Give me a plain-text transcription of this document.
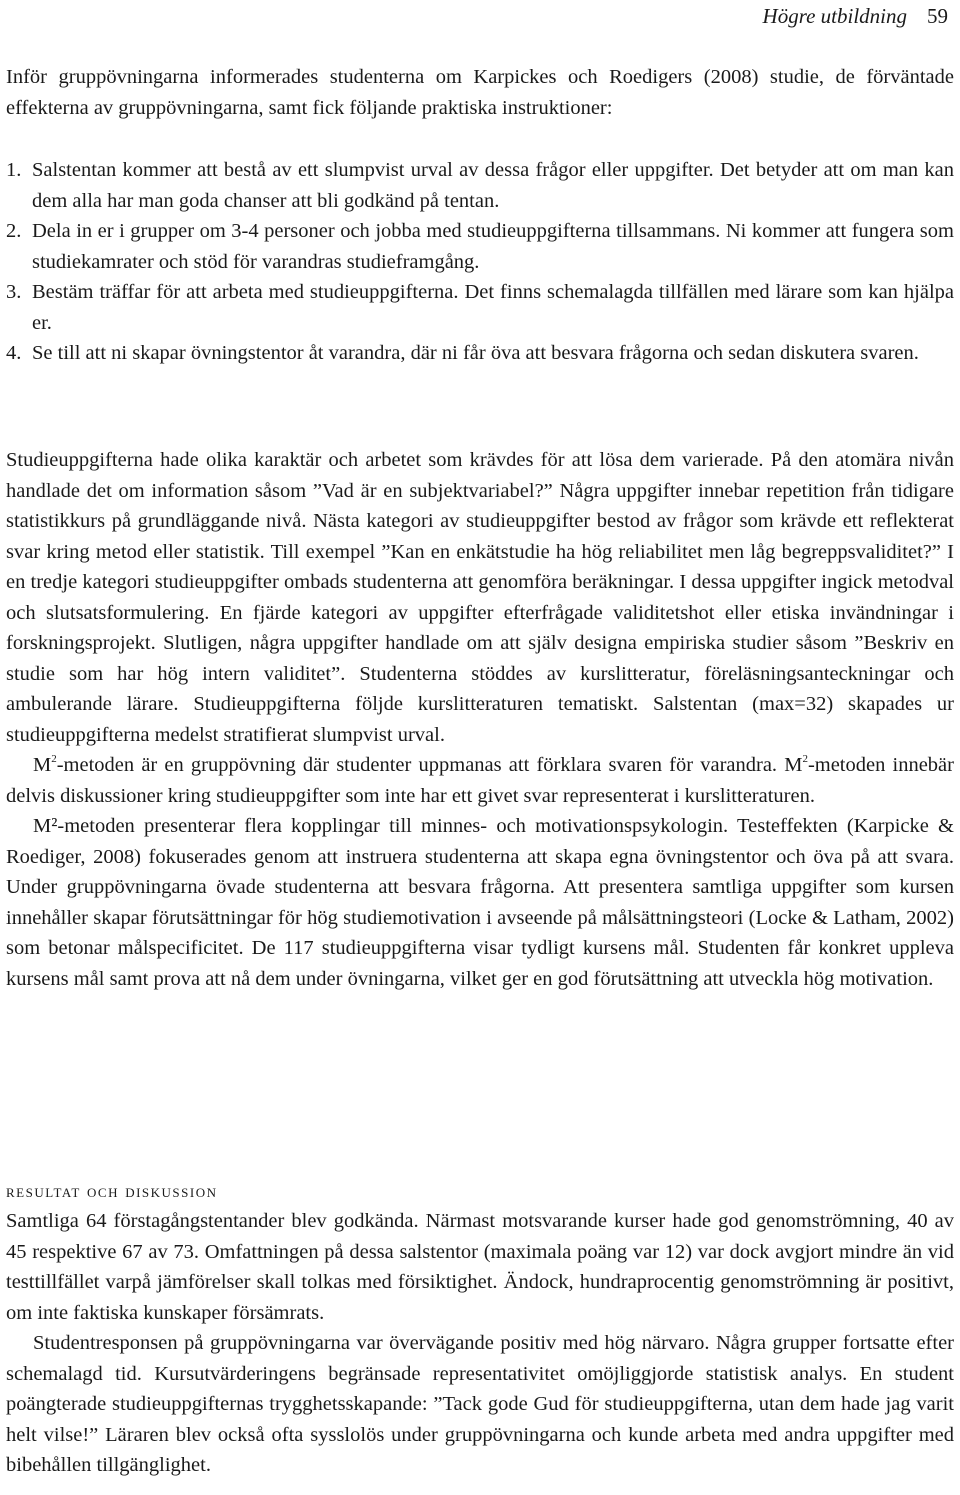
Högre utbildning 59

Inför gruppövningarna informerades studenterna om Karpickes och Roedigers (2008) studie, de förväntade effekterna av gruppövningarna, samt fick följande praktiska instruktioner:

1. Salstentan kommer att bestå av ett slumpvist urval av dessa frågor eller uppgifter. Det betyder att om man kan dem alla har man goda chanser att bli godkänd på tentan.
2. Dela in er i grupper om 3-4 personer och jobba med studieuppgifterna tillsammans. Ni kommer att fungera som studiekamrater och stöd för varandras studieframgång.
3. Bestäm träffar för att arbeta med studieuppgifterna. Det finns schemalagda tillfällen med lärare som kan hjälpa er.
4. Se till att ni skapar övningstentor åt varandra, där ni får öva att besvara frågorna och sedan diskutera svaren.

Studieuppgifterna hade olika karaktär och arbetet som krävdes för att lösa dem varierade. På den atomära nivån handlade det om information såsom ”Vad är en subjektvariabel?” Några uppgifter innebar repetition från tidigare statistikkurs på grundläggande nivå. Nästa kategori av studieuppgifter bestod av frågor som krävde ett reflekterat svar kring metod eller statistik. Till exempel ”Kan en enkätstudie ha hög reliabilitet men låg begreppsvaliditet?” I en tredje kategori studieuppgifter ombads studenterna att genomföra beräkningar. I dessa uppgifter ingick metodval och slutsatsformulering. En fjärde kategori av uppgifter efterfrågade validitetshot eller etiska invändningar i forskningsprojekt. Slutligen, några uppgifter handlade om att själv designa empiriska studier såsom ”Beskriv en studie som har hög intern validitet”. Studenterna stöddes av kurslitteratur, föreläsningsanteckningar och ambulerande lärare. Studieuppgifterna följde kurslitteraturen tematiskt. Salstentan (max=32) skapades ur studieuppgifterna medelst stratifierat slumpvist urval.

$M^2$-metoden är en gruppövning där studenter uppmanas att förklara svaren för varandra. $M^2$-metoden innebär delvis diskussioner kring studieuppgifter som inte har ett givet svar representerat i kurslitteraturen.

M²-metoden presenterar flera kopplingar till minnes- och motivationspsykologin. Testeffekten (Karpicke & Roediger, 2008) fokuserades genom att instruera studenterna att skapa egna övningstentor och öva på att svara. Under gruppövningarna övade studenterna att besvara frågorna. Att presentera samtliga uppgifter som kursen innehåller skapar förutsättningar för hög studiemotivation i avseende på målsättningsteori (Locke & Latham, 2002) som betonar målspecificitet. De 117 studieuppgifterna visar tydligt kursens mål. Studenten får konkret uppleva kursens mål samt prova att nå dem under övningarna, vilket ger en god förutsättning att utveckla hög motivation.

resultat och diskussion

Samtliga 64 förstagångstentander blev godkända. Närmast motsvarande kurser hade god genomströmning, 40 av 45 respektive 67 av 73. Omfattningen på dessa salstentor (maximala poäng var 12) var dock avgjort mindre än vid testtillfället varpå jämförelser skall tolkas med försiktighet. Ändock, hundraprocentig genomströmning är positivt, om inte faktiska kunskaper försämrats.

Studentresponsen på gruppövningarna var övervägande positiv med hög närvaro. Några grupper fortsatte efter schemalagd tid. Kursutvärderingens begränsade representativitet omöjliggjorde statistisk analys. En student poängterade studieuppgifternas trygghetsskapande: ”Tack gode Gud för studieuppgifterna, utan dem hade jag varit helt vilse!” Läraren blev också ofta sysslolös under gruppövningarna och kunde arbeta med andra uppgifter med bibehållen tillgänglighet.
